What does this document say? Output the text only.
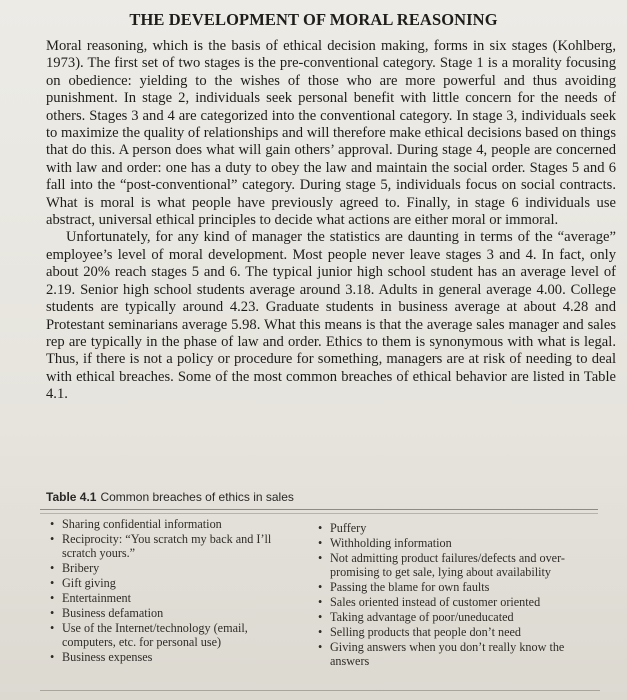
THE DEVELOPMENT OF MORAL REASONING

Moral reasoning, which is the basis of ethical decision making, forms in six stages (Kohlberg, 1973). The first set of two stages is the pre-conventional category. Stage 1 is a morality focusing on obedience: yielding to the wishes of those who are more powerful and thus avoiding punishment. In stage 2, individuals seek personal benefit with little concern for the needs of others. Stages 3 and 4 are categorized into the conventional category. In stage 3, individuals seek to maximize the quality of relationships and will therefore make ethical decisions based on things that do this. A person does what will gain others’ approval. During stage 4, people are concerned with law and order: one has a duty to obey the law and maintain the social order. Stages 5 and 6 fall into the “post-conventional” category. During stage 5, individuals focus on social contracts. What is moral is what people have previously agreed to. Finally, in stage 6 individuals use abstract, universal ethical principles to decide what actions are either moral or immoral.

Unfortunately, for any kind of manager the statistics are daunting in terms of the “average” employee’s level of moral development. Most people never leave stages 3 and 4. In fact, only about 20% reach stages 5 and 6. The typical junior high school student has an average level of 2.19. Senior high school students average around 3.18. Adults in general average 4.00. College students are typically around 4.23. Graduate students in business average at about 4.28 and Protestant seminarians average 5.98. What this means is that the average sales manager and sales rep are typically in the phase of law and order. Ethics to them is synonymous with what is legal. Thus, if there is not a policy or procedure for something, managers are at risk of needing to deal with ethical breaches. Some of the most common breaches of ethical behavior are listed in Table 4.1.

Table 4.1 Common breaches of ethics in sales
• Sharing confidential information
• Reciprocity: “You scratch my back and I’ll scratch yours.”
• Bribery
• Gift giving
• Entertainment
• Business defamation
• Use of the Internet/technology (email, computers, etc. for personal use)
• Business expenses
• Puffery
• Withholding information
• Not admitting product failures/defects and over-promising to get sale, lying about availability
• Passing the blame for own faults
• Sales oriented instead of customer oriented
• Taking advantage of poor/uneducated
• Selling products that people don’t need
• Giving answers when you don’t really know the answers
